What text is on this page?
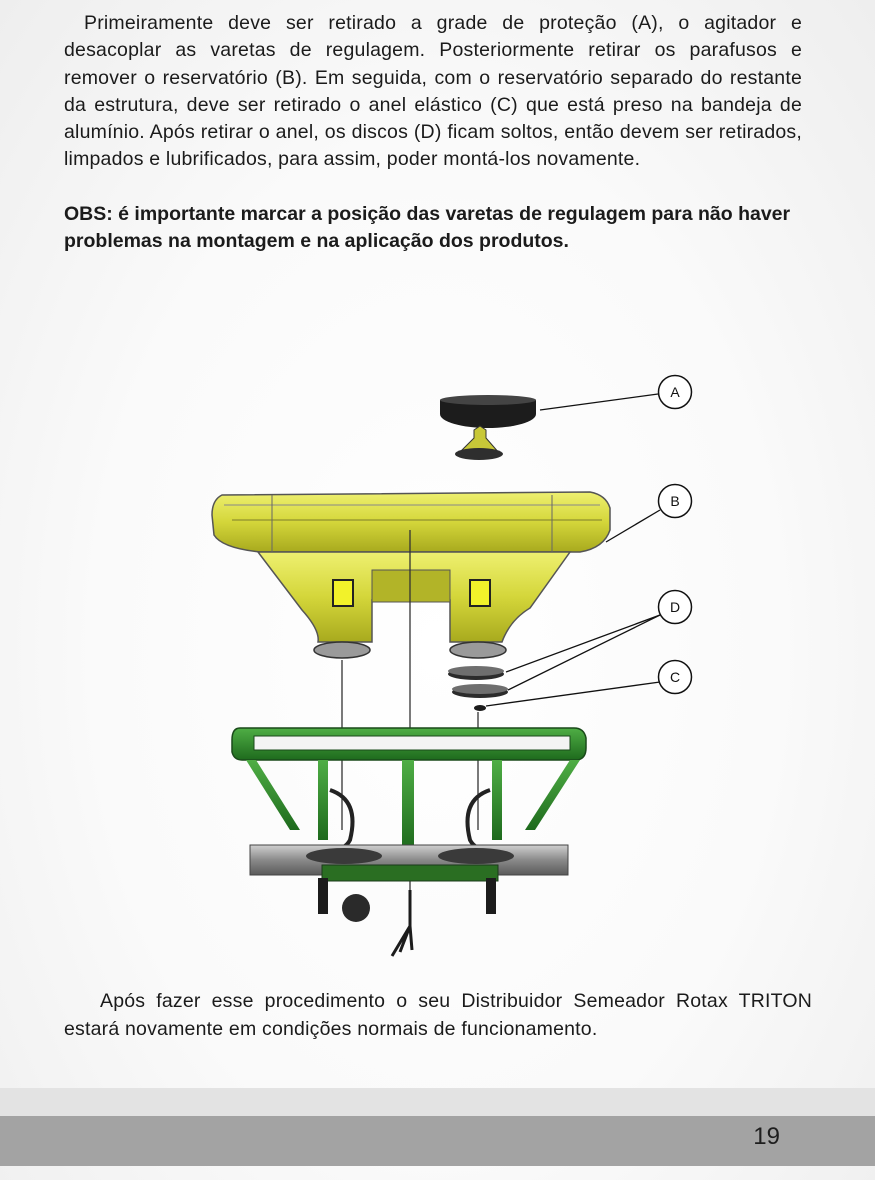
Primeiramente deve ser retirado a grade de proteção (A), o agitador e desacoplar as varetas de regulagem. Posteriormente retirar os parafusos e remover o reservatório (B). Em seguida, com o reservatório separado do restante da estrutura, deve ser retirado o anel elástico (C) que está preso na bandeja de alumínio. Após retirar o anel, os discos (D) ficam soltos, então devem ser retirados, limpados e lubrificados, para assim, poder montá-los novamente.

OBS: é importante marcar a posição das varetas de regulagem para não haver problemas na montagem e na aplicação dos produtos.

A
B
D
C

Após fazer esse procedimento o seu Distribuidor Semeador Rotax TRITON estará novamente em condições normais de funcionamento.

19
